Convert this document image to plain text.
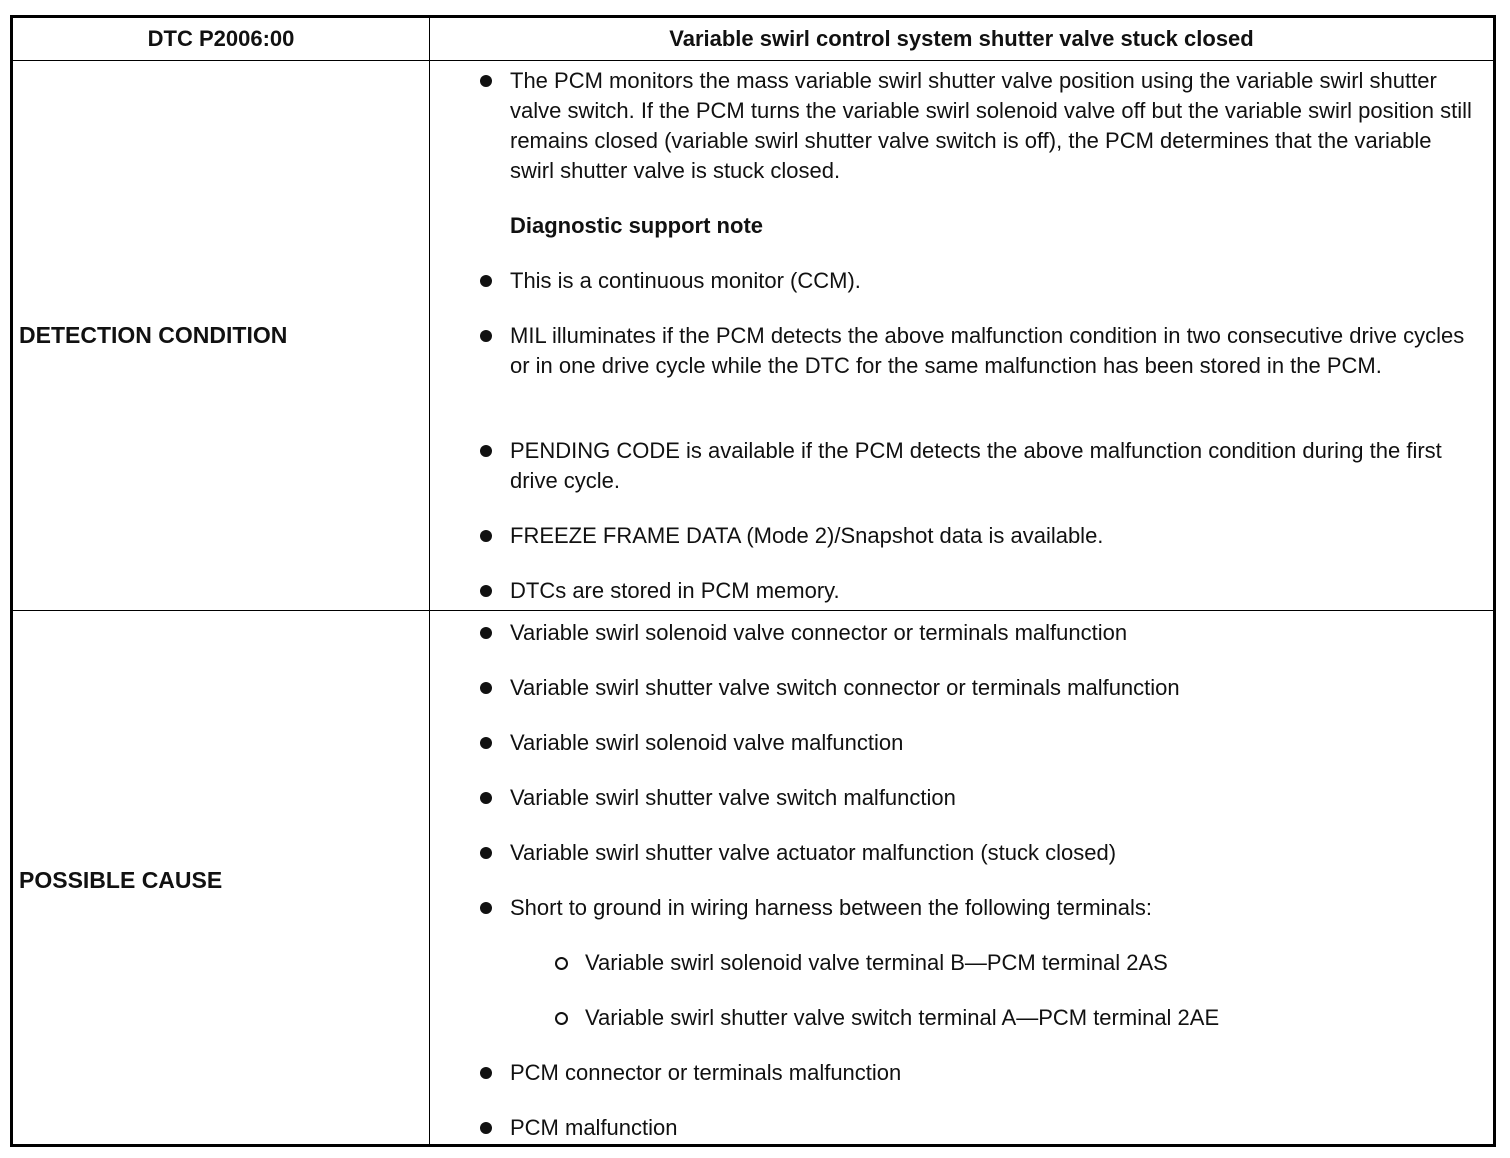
DTC P2006:00	Variable swirl control system shutter valve stuck closed
DETECTION CONDITION
The PCM monitors the mass variable swirl shutter valve position using the variable swirl shutter valve switch. If the PCM turns the variable swirl solenoid valve off but the variable swirl position still remains closed (variable swirl shutter valve switch is off), the PCM determines that the variable swirl shutter valve is stuck closed.
Diagnostic support note
This is a continuous monitor (CCM).
MIL illuminates if the PCM detects the above malfunction condition in two consecutive drive cycles or in one drive cycle while the DTC for the same malfunction has been stored in the PCM.
PENDING CODE is available if the PCM detects the above malfunction condition during the first drive cycle.
FREEZE FRAME DATA (Mode 2)/Snapshot data is available.
DTCs are stored in PCM memory.
POSSIBLE CAUSE
Variable swirl solenoid valve connector or terminals malfunction
Variable swirl shutter valve switch connector or terminals malfunction
Variable swirl solenoid valve malfunction
Variable swirl shutter valve switch malfunction
Variable swirl shutter valve actuator malfunction (stuck closed)
Short to ground in wiring harness between the following terminals:
Variable swirl solenoid valve terminal B—PCM terminal 2AS
Variable swirl shutter valve switch terminal A—PCM terminal 2AE
PCM connector or terminals malfunction
PCM malfunction
